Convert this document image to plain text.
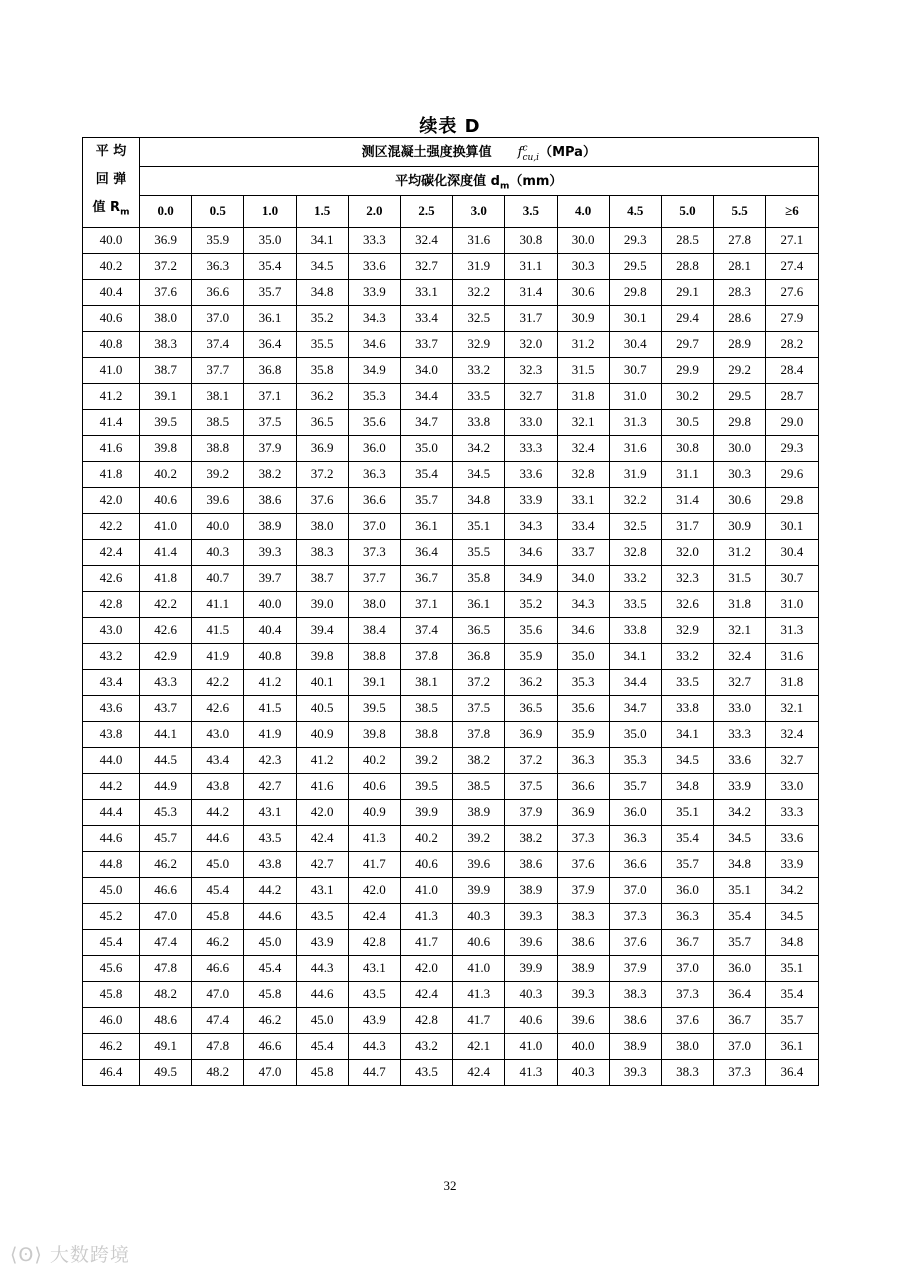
续表 D
平 均
回 弹
值 $R_m$	测区混凝土强度换算值 $f^c_{cu,i}(MPa)$												
	平均碳化深度值 $d_m(mm)$												
	0.0	0.5	1.0	1.5	2.0	2.5	3.0	3.5	4.0	4.5	5.0	5.5	≥6
40.0	36.9	35.9	35.0	34.1	33.3	32.4	31.6	30.8	30.0	29.3	28.5	27.8	27.1
40.2	37.2	36.3	35.4	34.5	33.6	32.7	31.9	31.1	30.3	29.5	28.8	28.1	27.4
40.4	37.6	36.6	35.7	34.8	33.9	33.1	32.2	31.4	30.6	29.8	29.1	28.3	27.6
40.6	38.0	37.0	36.1	35.2	34.3	33.4	32.5	31.7	30.9	30.1	29.4	28.6	27.9
40.8	38.3	37.4	36.4	35.5	34.6	33.7	32.9	32.0	31.2	30.4	29.7	28.9	28.2
41.0	38.7	37.7	36.8	35.8	34.9	34.0	33.2	32.3	31.5	30.7	29.9	29.2	28.4
41.2	39.1	38.1	37.1	36.2	35.3	34.4	33.5	32.7	31.8	31.0	30.2	29.5	28.7
41.4	39.5	38.5	37.5	36.5	35.6	34.7	33.8	33.0	32.1	31.3	30.5	29.8	29.0
41.6	39.8	38.8	37.9	36.9	36.0	35.0	34.2	33.3	32.4	31.6	30.8	30.0	29.3
41.8	40.2	39.2	38.2	37.2	36.3	35.4	34.5	33.6	32.8	31.9	31.1	30.3	29.6
42.0	40.6	39.6	38.6	37.6	36.6	35.7	34.8	33.9	33.1	32.2	31.4	30.6	29.8
42.2	41.0	40.0	38.9	38.0	37.0	36.1	35.1	34.3	33.4	32.5	31.7	30.9	30.1
42.4	41.4	40.3	39.3	38.3	37.3	36.4	35.5	34.6	33.7	32.8	32.0	31.2	30.4
42.6	41.8	40.7	39.7	38.7	37.7	36.7	35.8	34.9	34.0	33.2	32.3	31.5	30.7
42.8	42.2	41.1	40.0	39.0	38.0	37.1	36.1	35.2	34.3	33.5	32.6	31.8	31.0
43.0	42.6	41.5	40.4	39.4	38.4	37.4	36.5	35.6	34.6	33.8	32.9	32.1	31.3
43.2	42.9	41.9	40.8	39.8	38.8	37.8	36.8	35.9	35.0	34.1	33.2	32.4	31.6
43.4	43.3	42.2	41.2	40.1	39.1	38.1	37.2	36.2	35.3	34.4	33.5	32.7	31.8
43.6	43.7	42.6	41.5	40.5	39.5	38.5	37.5	36.5	35.6	34.7	33.8	33.0	32.1
43.8	44.1	43.0	41.9	40.9	39.8	38.8	37.8	36.9	35.9	35.0	34.1	33.3	32.4
44.0	44.5	43.4	42.3	41.2	40.2	39.2	38.2	37.2	36.3	35.3	34.5	33.6	32.7
44.2	44.9	43.8	42.7	41.6	40.6	39.5	38.5	37.5	36.6	35.7	34.8	33.9	33.0
44.4	45.3	44.2	43.1	42.0	40.9	39.9	38.9	37.9	36.9	36.0	35.1	34.2	33.3
44.6	45.7	44.6	43.5	42.4	41.3	40.2	39.2	38.2	37.3	36.3	35.4	34.5	33.6
44.8	46.2	45.0	43.8	42.7	41.7	40.6	39.6	38.6	37.6	36.6	35.7	34.8	33.9
45.0	46.6	45.4	44.2	43.1	42.0	41.0	39.9	38.9	37.9	37.0	36.0	35.1	34.2
45.2	47.0	45.8	44.6	43.5	42.4	41.3	40.3	39.3	38.3	37.3	36.3	35.4	34.5
45.4	47.4	46.2	45.0	43.9	42.8	41.7	40.6	39.6	38.6	37.6	36.7	35.7	34.8
45.6	47.8	46.6	45.4	44.3	43.1	42.0	41.0	39.9	38.9	37.9	37.0	36.0	35.1
45.8	48.2	47.0	45.8	44.6	43.5	42.4	41.3	40.3	39.3	38.3	37.3	36.4	35.4
46.0	48.6	47.4	46.2	45.0	43.9	42.8	41.7	40.6	39.6	38.6	37.6	36.7	35.7
46.2	49.1	47.8	46.6	45.4	44.3	43.2	42.1	41.0	40.0	38.9	38.0	37.0	36.1
46.4	49.5	48.2	47.0	45.8	44.7	43.5	42.4	41.3	40.3	39.3	38.3	37.3	36.4
32
⟨ʘ⟩ 大数跨境
